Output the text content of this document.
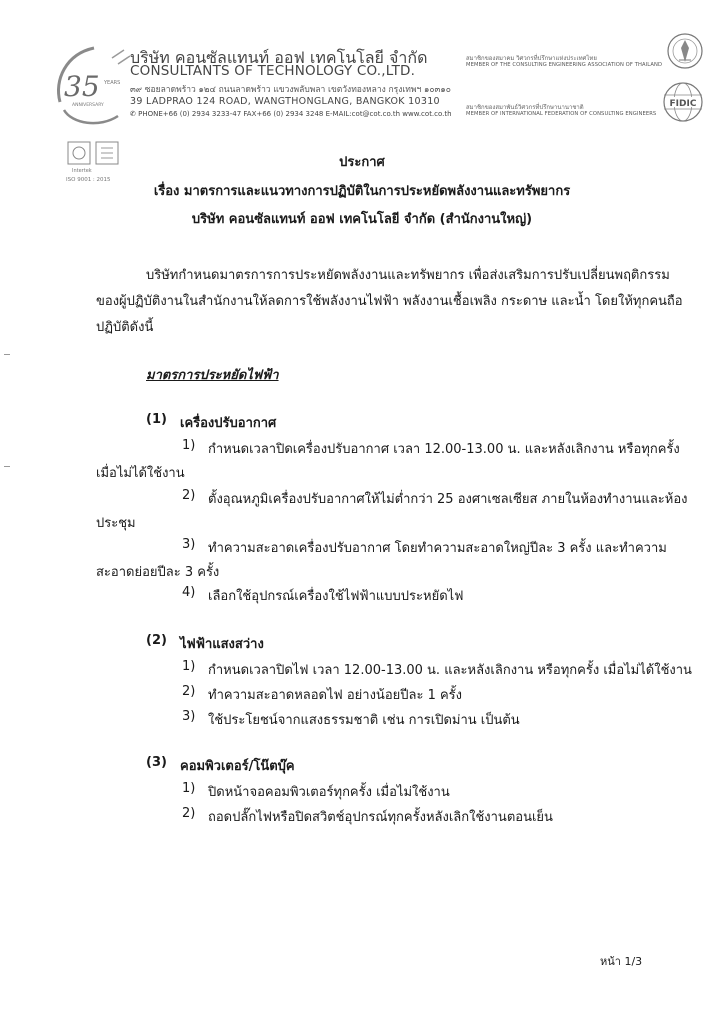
35 YEARS
ANNIVERSARY
บริษัท คอนซัลแทนท์ ออฟ เทคโนโลยี จำกัด
CONSULTANTS OF TECHNOLOGY CO.,LTD.
๓๙ ซอยลาดพร้าว ๑๒๔ ถนนลาดพร้าว แขวงพลับพลา เขตวังทองหลาง กรุงเทพฯ ๑๐๓๑๐
39 LADPRAO 124 ROAD, WANGTHONGLANG, BANGKOK 10310
✆ PHONE+66 (0) 2934 3233-47 FAX+66 (0) 2934 3248 E-MAIL:cot@cot.co.th www.cot.co.th
สมาชิกของสมาคม วิศวกรที่ปรึกษาแห่งประเทศไทย
MEMBER OF THE CONSULTING ENGINEERING ASSOCIATION OF THAILAND
สมาชิกของสมาพันธ์วิศวกรที่ปรึกษานานาชาติ
MEMBER OF INTERNATIONAL FEDERATION OF CONSULTING ENGINEERS
FIDIC
Intertek
ISO 9001 : 2015
ประกาศ
เรื่อง มาตรการและแนวทางการปฏิบัติในการประหยัดพลังงานและทรัพยากร
บริษัท คอนซัลแทนท์ ออฟ เทคโนโลยี จำกัด (สำนักงานใหญ่)
บริษัทกำหนดมาตรการการประหยัดพลังงานและทรัพยากร เพื่อส่งเสริมการปรับเปลี่ยนพฤติกรรม
ของผู้ปฏิบัติงานในสำนักงานให้ลดการใช้พลังงานไฟฟ้า พลังงานเชื้อเพลิง กระดาษ และน้ำ โดยให้ทุกคนถือ
ปฏิบัติดังนี้
มาตรการประหยัดไฟฟ้า
(1) เครื่องปรับอากาศ
1) กำหนดเวลาปิดเครื่องปรับอากาศ เวลา 12.00-13.00 น. และหลังเลิกงาน หรือทุกครั้ง
เมื่อไม่ได้ใช้งาน
2) ตั้งอุณหภูมิเครื่องปรับอากาศให้ไม่ต่ำกว่า 25 องศาเซลเซียส ภายในห้องทำงานและห้อง
ประชุม
3) ทำความสะอาดเครื่องปรับอากาศ โดยทำความสะอาดใหญ่ปีละ 3 ครั้ง และทำความ
สะอาดย่อยปีละ 3 ครั้ง
4) เลือกใช้อุปกรณ์เครื่องใช้ไฟฟ้าแบบประหยัดไฟ
(2) ไฟฟ้าแสงสว่าง
1) กำหนดเวลาปิดไฟ เวลา 12.00-13.00 น. และหลังเลิกงาน หรือทุกครั้ง เมื่อไม่ได้ใช้งาน
2) ทำความสะอาดหลอดไฟ อย่างน้อยปีละ 1 ครั้ง
3) ใช้ประโยชน์จากแสงธรรมชาติ เช่น การเปิดม่าน เป็นต้น
(3) คอมพิวเตอร์/โน๊ตบุ๊ค
1) ปิดหน้าจอคอมพิวเตอร์ทุกครั้ง เมื่อไม่ใช้งาน
2) ถอดปลั๊กไฟหรือปิดสวิตช์อุปกรณ์ทุกครั้งหลังเลิกใช้งานตอนเย็น
หน้า 1/3
